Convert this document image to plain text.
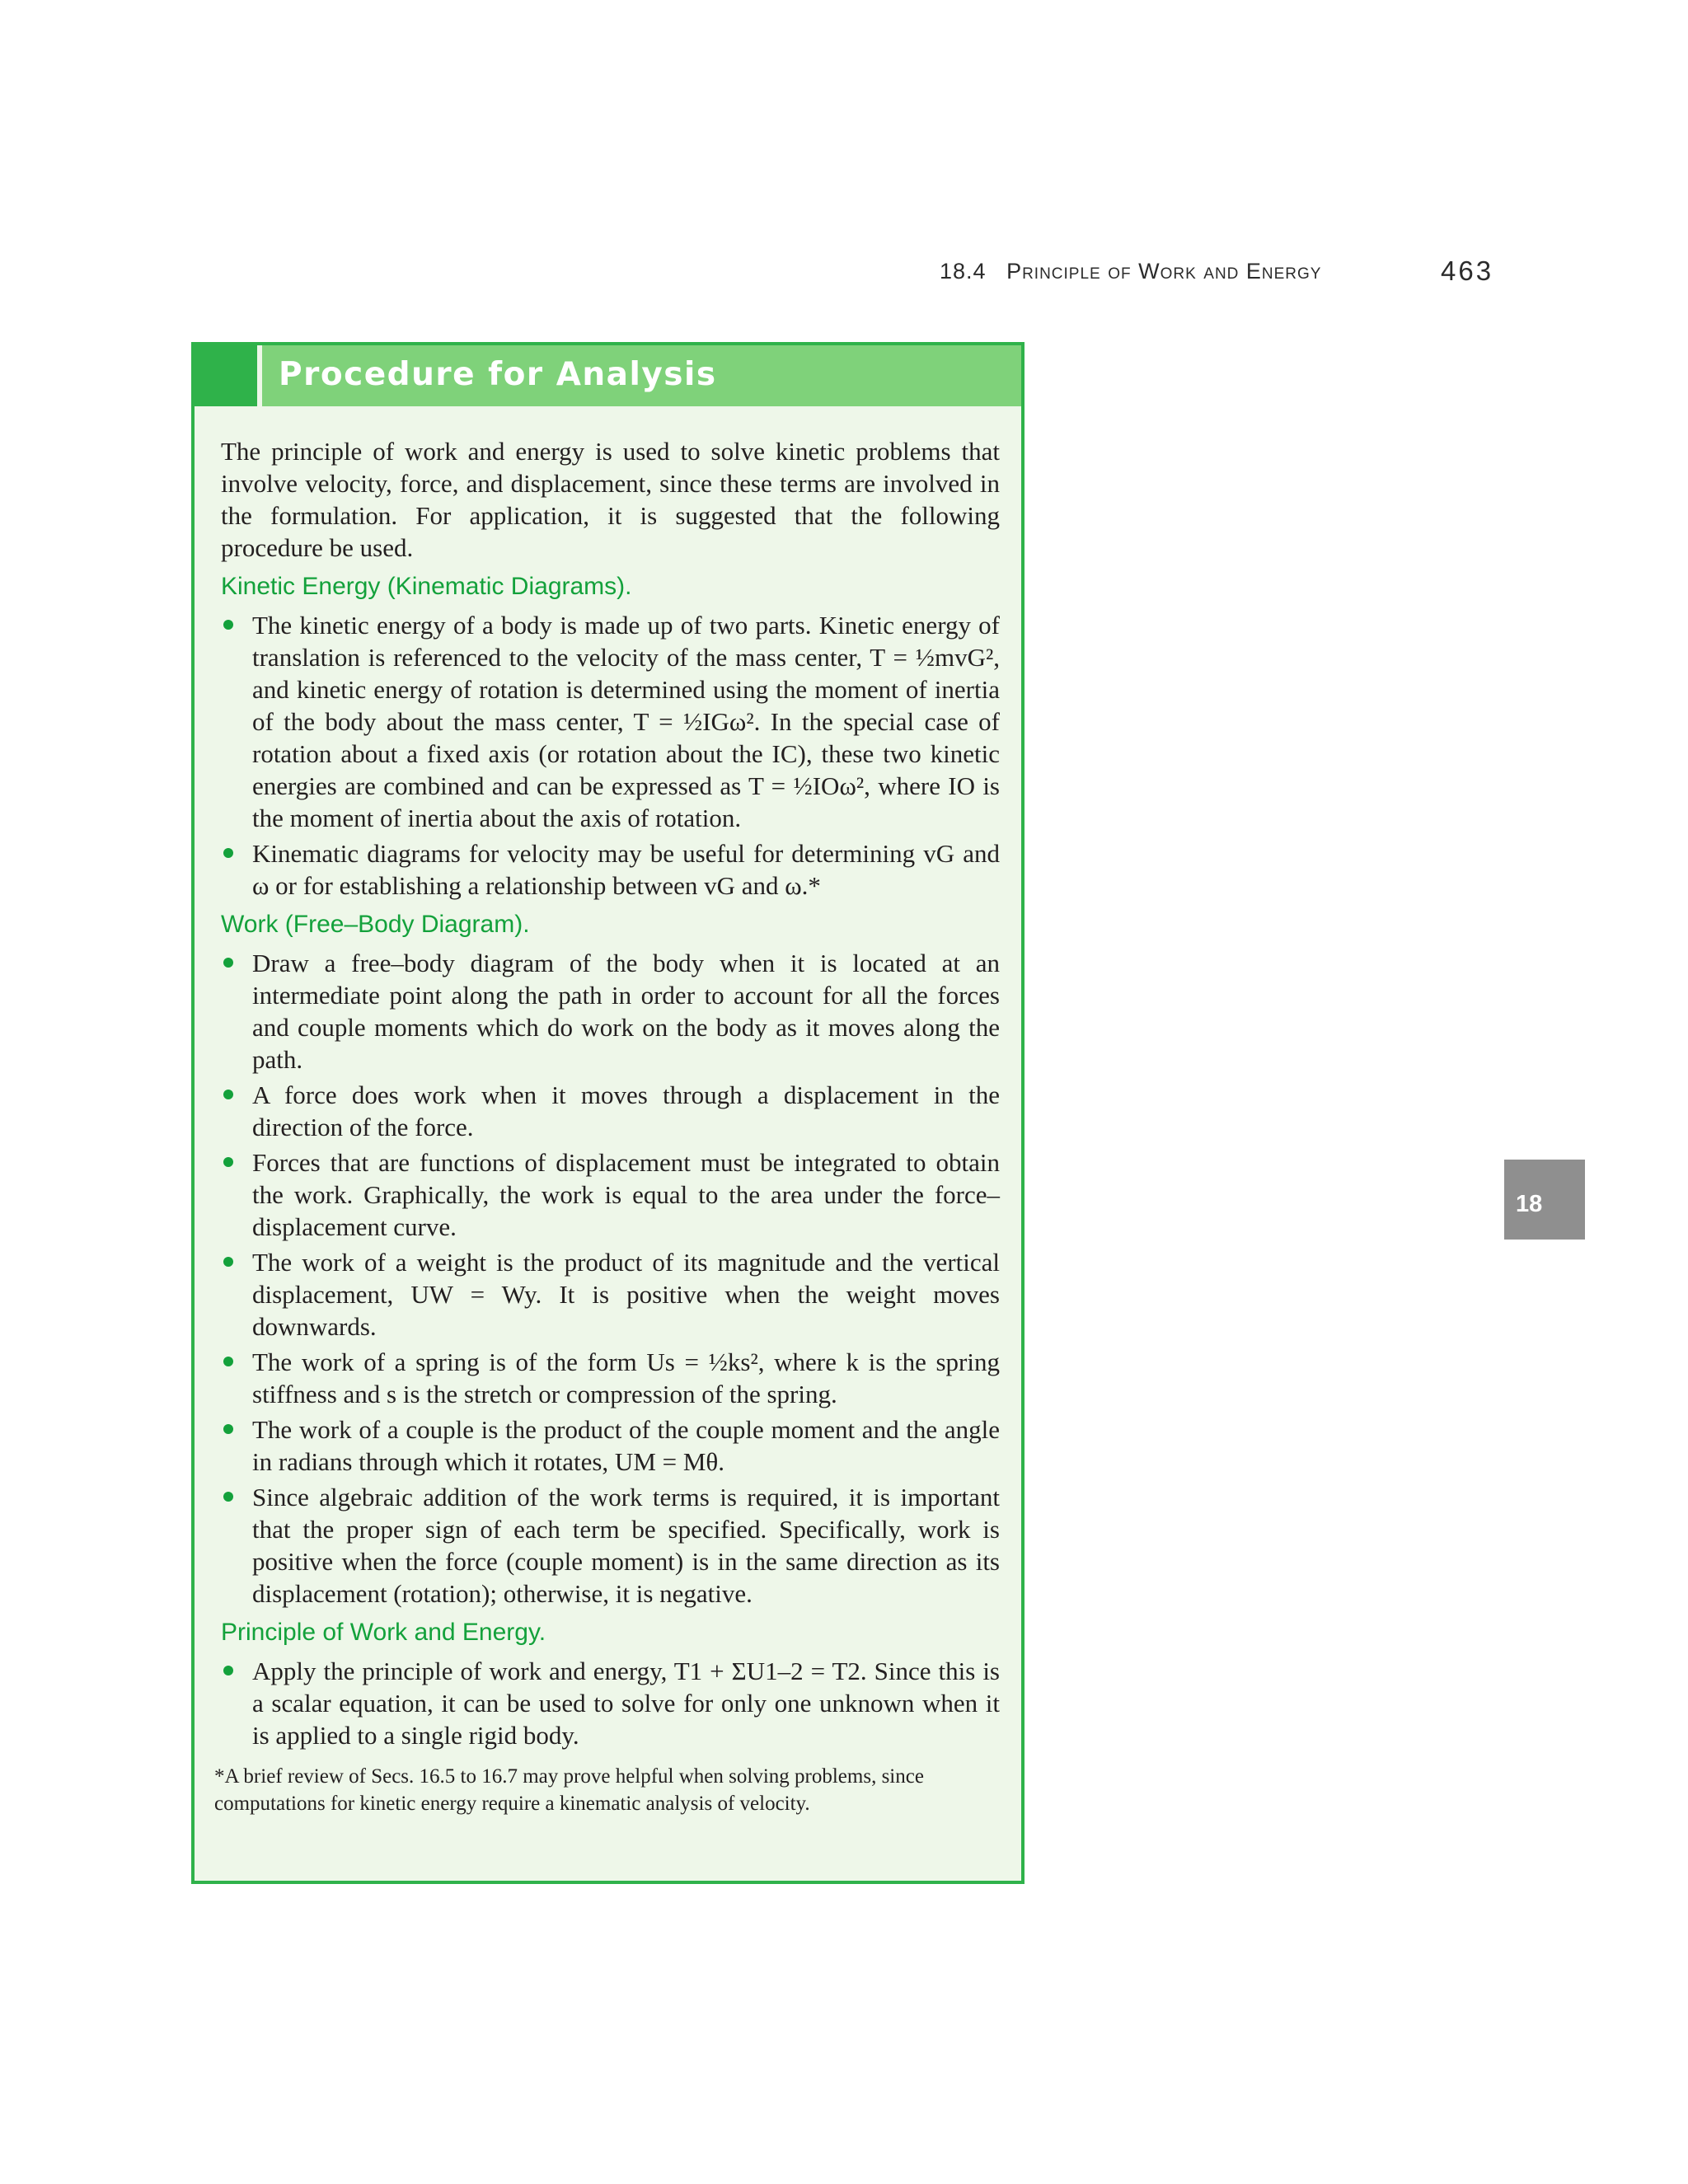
18.4 Principle of Work and Energy	463
Procedure for Analysis

The principle of work and energy is used to solve kinetic problems that involve velocity, force, and displacement, since these terms are involved in the formulation. For application, it is suggested that the following procedure be used.

Kinetic Energy (Kinematic Diagrams).
The kinetic energy of a body is made up of two parts. Kinetic energy of translation is referenced to the velocity of the mass center, T = ½mvG², and kinetic energy of rotation is determined using the moment of inertia of the body about the mass center, T = ½IGω². In the special case of rotation about a fixed axis (or rotation about the IC), these two kinetic energies are combined and can be expressed as T = ½IOω², where IO is the moment of inertia about the axis of rotation.
Kinematic diagrams for velocity may be useful for determining vG and ω or for establishing a relationship between vG and ω.*
Work (Free–Body Diagram).
Draw a free–body diagram of the body when it is located at an intermediate point along the path in order to account for all the forces and couple moments which do work on the body as it moves along the path.
A force does work when it moves through a displacement in the direction of the force.
Forces that are functions of displacement must be integrated to obtain the work. Graphically, the work is equal to the area under the force–displacement curve.
The work of a weight is the product of its magnitude and the vertical displacement, UW = Wy. It is positive when the weight moves downwards.
The work of a spring is of the form Us = ½ks², where k is the spring stiffness and s is the stretch or compression of the spring.
The work of a couple is the product of the couple moment and the angle in radians through which it rotates, UM = Mθ.
Since algebraic addition of the work terms is required, it is important that the proper sign of each term be specified. Specifically, work is positive when the force (couple moment) is in the same direction as its displacement (rotation); otherwise, it is negative.
Principle of Work and Energy.
Apply the principle of work and energy, T1 + ΣU1–2 = T2. Since this is a scalar equation, it can be used to solve for only one unknown when it is applied to a single rigid body.
*A brief review of Secs. 16.5 to 16.7 may prove helpful when solving problems, since computations for kinetic energy require a kinematic analysis of velocity.
18
